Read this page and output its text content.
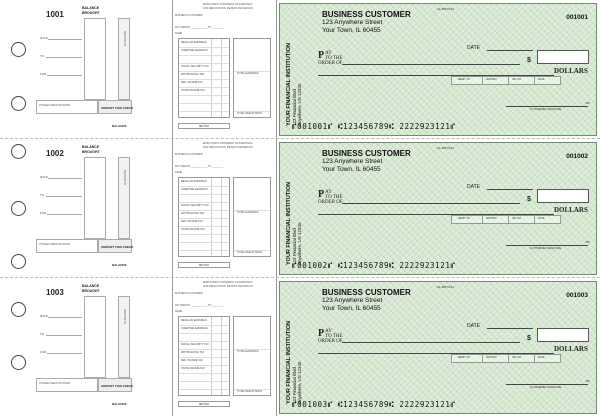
1001
BALANCE BROUGHT
DEPOSITS
DATE
TO
FOR
OTHER DEDUCTIONS
AMOUNT THIS CHECK
BALANCE
EMPLOYEE'S STATEMENT OF EARNINGS
AND DEDUCTIONS. DETACH AND RETAIN
BUSINESS CUSTOMER
PAY PERIOD ____________ TO ________
NAME
REGULAR EARNINGS
OVERTIME EARNINGS
SOCIAL SECURITY TAX
WITHHOLDING TAX
FED. INCOME TAX
STATE INCOME TAX
TOTAL EARNINGS
TOTAL DEDUCTIONS
NET PAY
YOUR FINANCIAL INSTITUTION 123 Financial Blvd Anywhere, US 12345
BUSINESS CUSTOMER
123 Anywhere Street
Your Town, IL 60455
12-4567/123
001001
DATE
PAY
TO THE
ORDER OF	$
DOLLARS
REMIT TO	AMOUNT	INV. NO.	DATE
MP
AUTHORIZED SIGNATURE
⑈001001⑈ ⑆123456789⑆ 2222923121⑈
1002
BALANCE BROUGHT
DEPOSITS
DATE
TO
FOR
OTHER DEDUCTIONS
AMOUNT THIS CHECK
BALANCE
EMPLOYEE'S STATEMENT OF EARNINGS
AND DEDUCTIONS. DETACH AND RETAIN
BUSINESS CUSTOMER
PAY PERIOD ____________ TO ________
NAME
REGULAR EARNINGS
OVERTIME EARNINGS
SOCIAL SECURITY TAX
WITHHOLDING TAX
FED. INCOME TAX
STATE INCOME TAX
TOTAL EARNINGS
TOTAL DEDUCTIONS
NET PAY
YOUR FINANCIAL INSTITUTION 123 Financial Blvd Anywhere, US 12345
BUSINESS CUSTOMER
123 Anywhere Street
Your Town, IL 60455
12-4567/123
001002
DATE
PAY
TO THE
ORDER OF	$
DOLLARS
REMIT TO	AMOUNT	INV. NO.	DATE
MP
AUTHORIZED SIGNATURE
⑈001002⑈ ⑆123456789⑆ 2222923121⑈
1003
BALANCE BROUGHT
DEPOSITS
DATE
TO
FOR
OTHER DEDUCTIONS
AMOUNT THIS CHECK
BALANCE
EMPLOYEE'S STATEMENT OF EARNINGS
AND DEDUCTIONS. DETACH AND RETAIN
BUSINESS CUSTOMER
PAY PERIOD ____________ TO ________
NAME
REGULAR EARNINGS
OVERTIME EARNINGS
SOCIAL SECURITY TAX
WITHHOLDING TAX
FED. INCOME TAX
STATE INCOME TAX
TOTAL EARNINGS
TOTAL DEDUCTIONS
NET PAY
YOUR FINANCIAL INSTITUTION 123 Financial Blvd Anywhere, US 12345
BUSINESS CUSTOMER
123 Anywhere Street
Your Town, IL 60455
12-4567/123
001003
DATE
PAY
TO THE
ORDER OF	$
DOLLARS
REMIT TO	AMOUNT	INV. NO.	DATE
MP
AUTHORIZED SIGNATURE
⑈001003⑈ ⑆123456789⑆ 2222923121⑈
